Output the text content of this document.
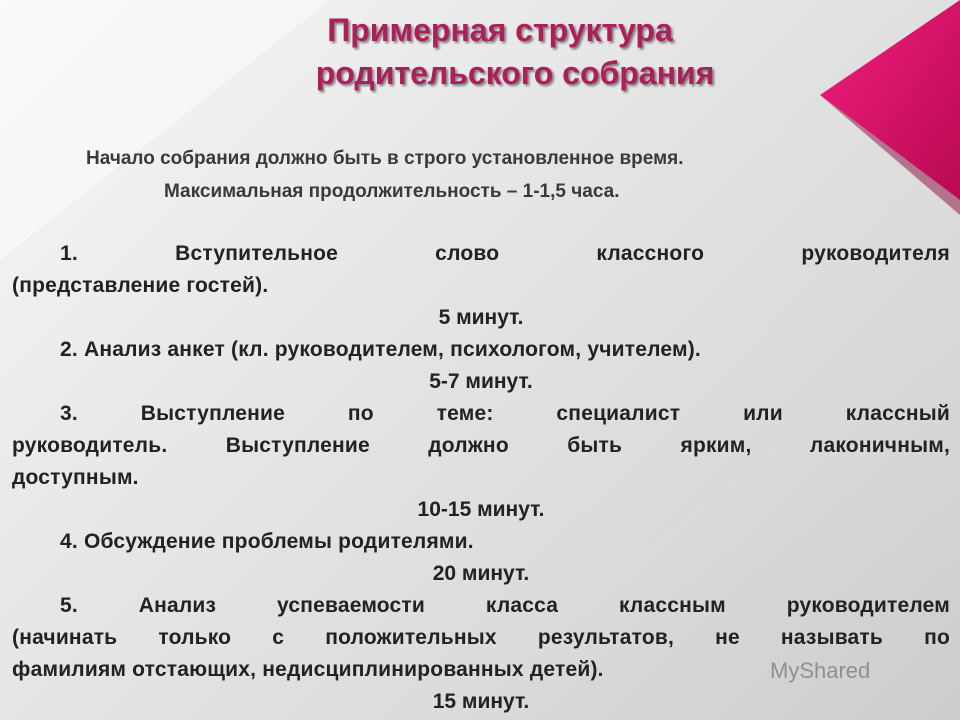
Примерная структура
родительского собрания
Начало собрания должно быть в строго установленное время.
Максимальная продолжительность – 1-1,5 часа.

1. Вступительное слово классного руководителя

(представление гостей).

5 минут.

2. Анализ анкет (кл. руководителем, психологом, учителем).

5-7 минут.

3. Выступление по теме: специалист или классный

руководитель. Выступление должно быть ярким, лаконичным,

доступным.

10-15 минут.

4. Обсуждение проблемы родителями.

20 минут.

5. Анализ успеваемости класса классным руководителем

(начинать только с положительных результатов, не называть по

фамилиям отстающих, недисциплинированных детей).

15 минут.

MyShared
